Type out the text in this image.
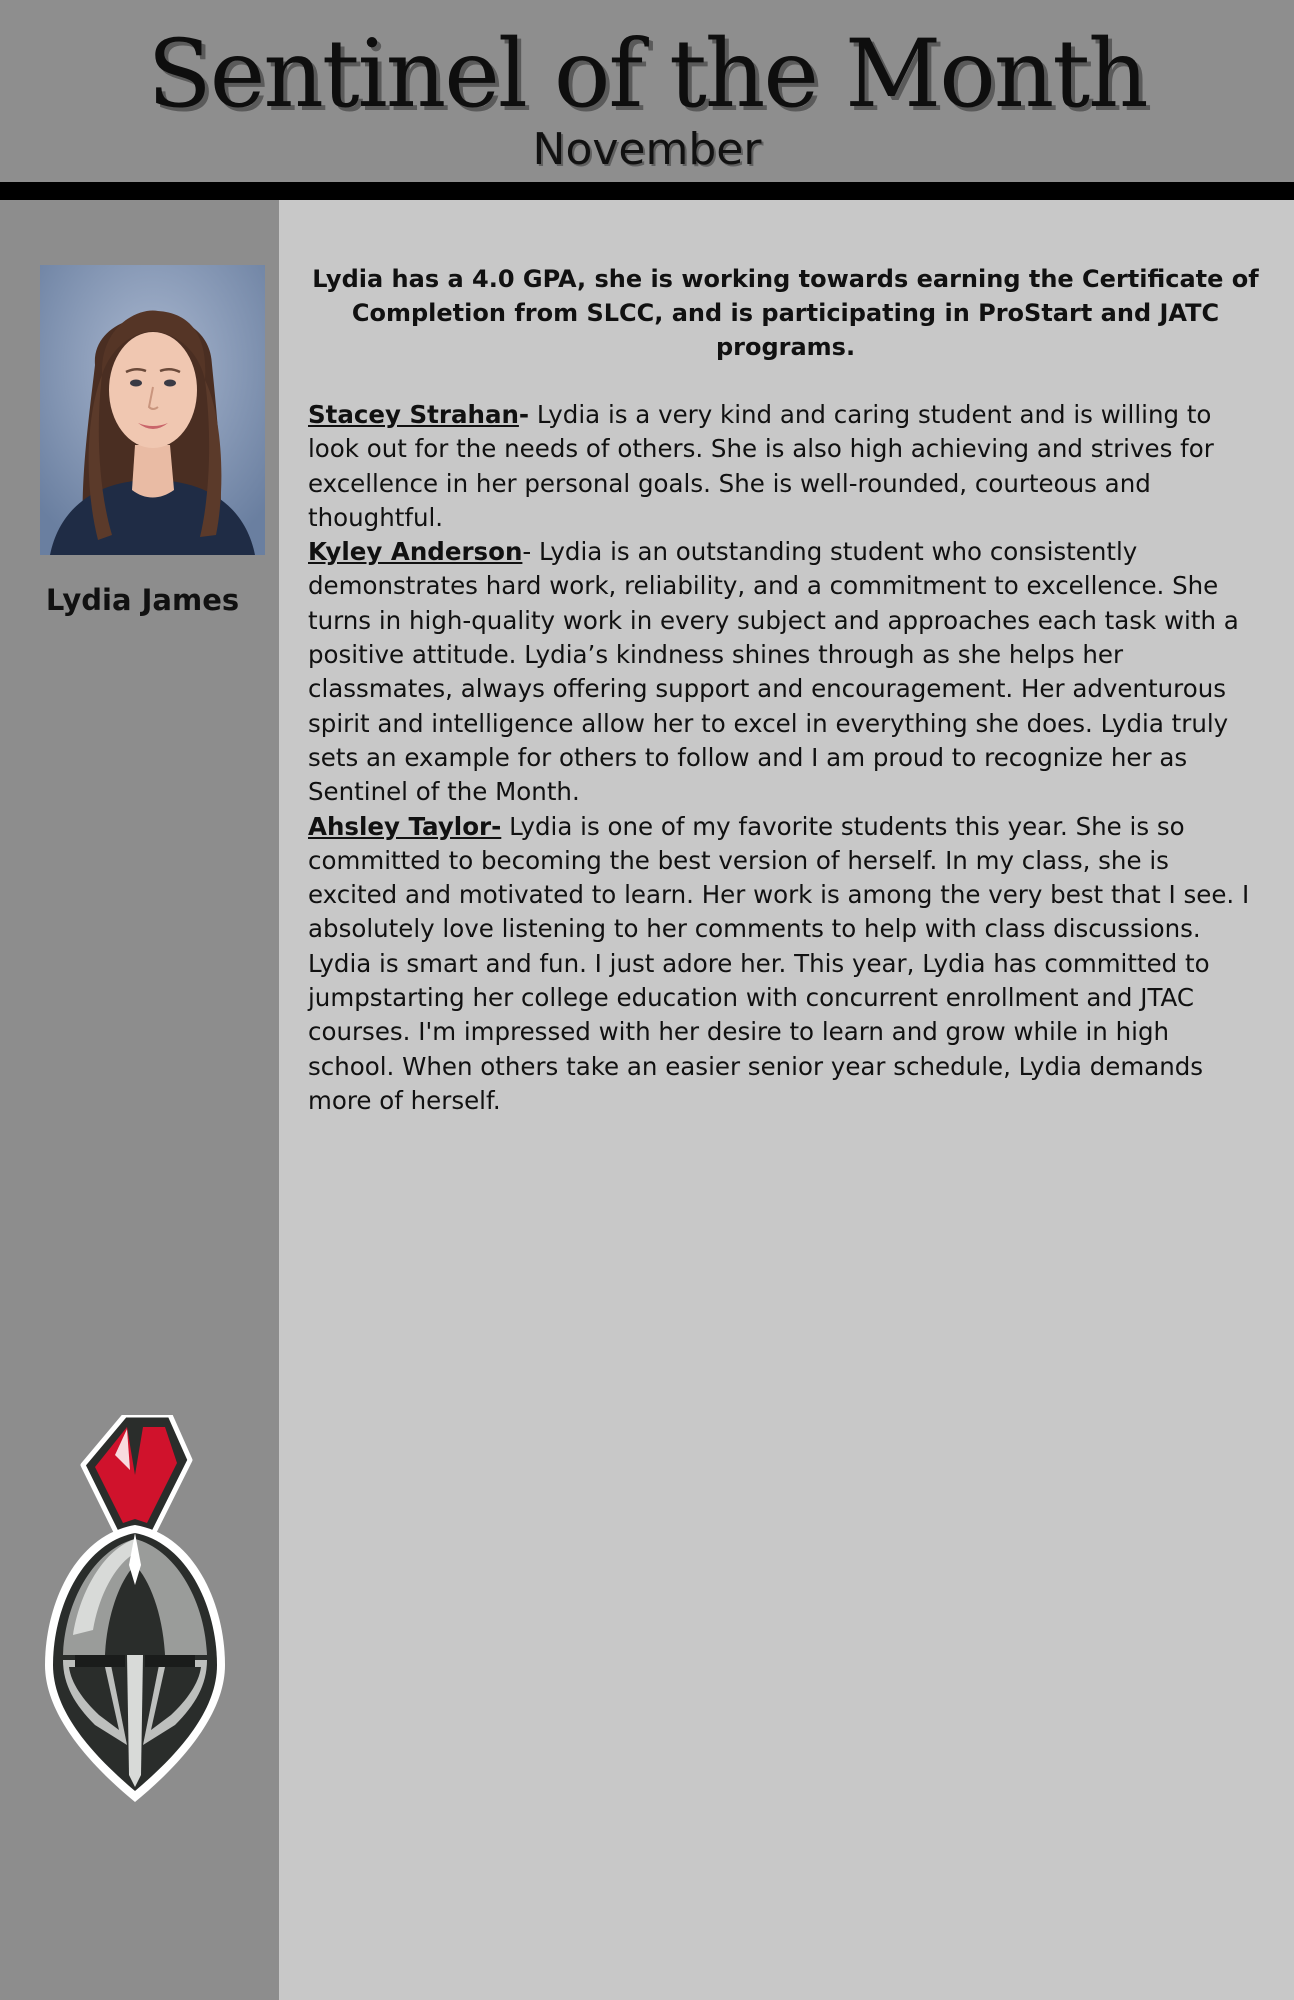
Sentinel of the Month
November
Lydia James

Lydia has a 4.0 GPA, she is working towards earning the Certificate of Completion from SLCC, and is participating in ProStart and JATC programs.

Stacey Strahan- Lydia is a very kind and caring student and is willing to look out for the needs of others. She is also high achieving and strives for excellence in her personal goals. She is well-rounded, courteous and thoughtful.

Kyley Anderson- Lydia is an outstanding student who consistently demonstrates hard work, reliability, and a commitment to excellence. She turns in high-quality work in every subject and approaches each task with a positive attitude. Lydia’s kindness shines through as she helps her classmates, always offering support and encouragement. Her adventurous spirit and intelligence allow her to excel in everything she does. Lydia truly sets an example for others to follow and I am proud to recognize her as Sentinel of the Month.

Ahsley Taylor- Lydia is one of my favorite students this year. She is so committed to becoming the best version of herself. In my class, she is excited and motivated to learn. Her work is among the very best that I see. I absolutely love listening to her comments to help with class discussions. Lydia is smart and fun. I just adore her. This year, Lydia has committed to jumpstarting her college education with concurrent enrollment and JTAC courses. I'm impressed with her desire to learn and grow while in high school. When others take an easier senior year schedule, Lydia demands more of herself.
